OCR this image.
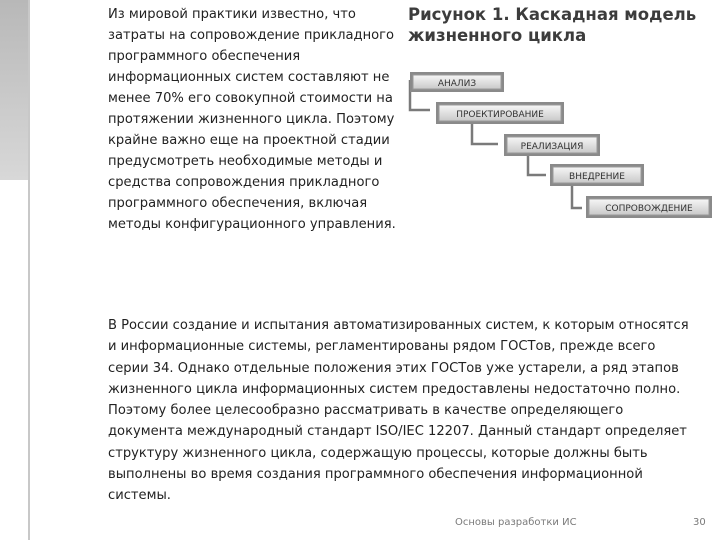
Из мировой практики известно, что затраты на сопровождение прикладного программного обеспечения информационных систем составляют не менее 70% его совокупной стоимости на протяжении жизненного цикла. Поэтому крайне важно еще на проектной стадии предусмотреть необходимые методы и средства сопровождения прикладного программного обеспечения, включая методы конфигурационного управления.

Рисунок 1. Каскадная модель жизненного цикла

АНАЛИЗ
ПРОЕКТИРОВАНИЕ
РЕАЛИЗАЦИЯ
ВНЕДРЕНИЕ
СОПРОВОЖДЕНИЕ

В России создание и испытания автоматизированных систем, к которым относятся и информационные системы, регламентированы рядом ГОСТов, прежде всего серии 34. Однако отдельные положения этих ГОСТов уже устарели, а ряд этапов жизненного цикла информационных систем предоставлены недостаточно полно. Поэтому более целесообразно рассматривать в качестве определяющего документа международный стандарт ISO/IEC 12207. Данный стандарт определяет структуру жизненного цикла, содержащую процессы, которые должны быть выполнены во время создания программного обеспечения информационной системы.

Основы разработки ИС	30
